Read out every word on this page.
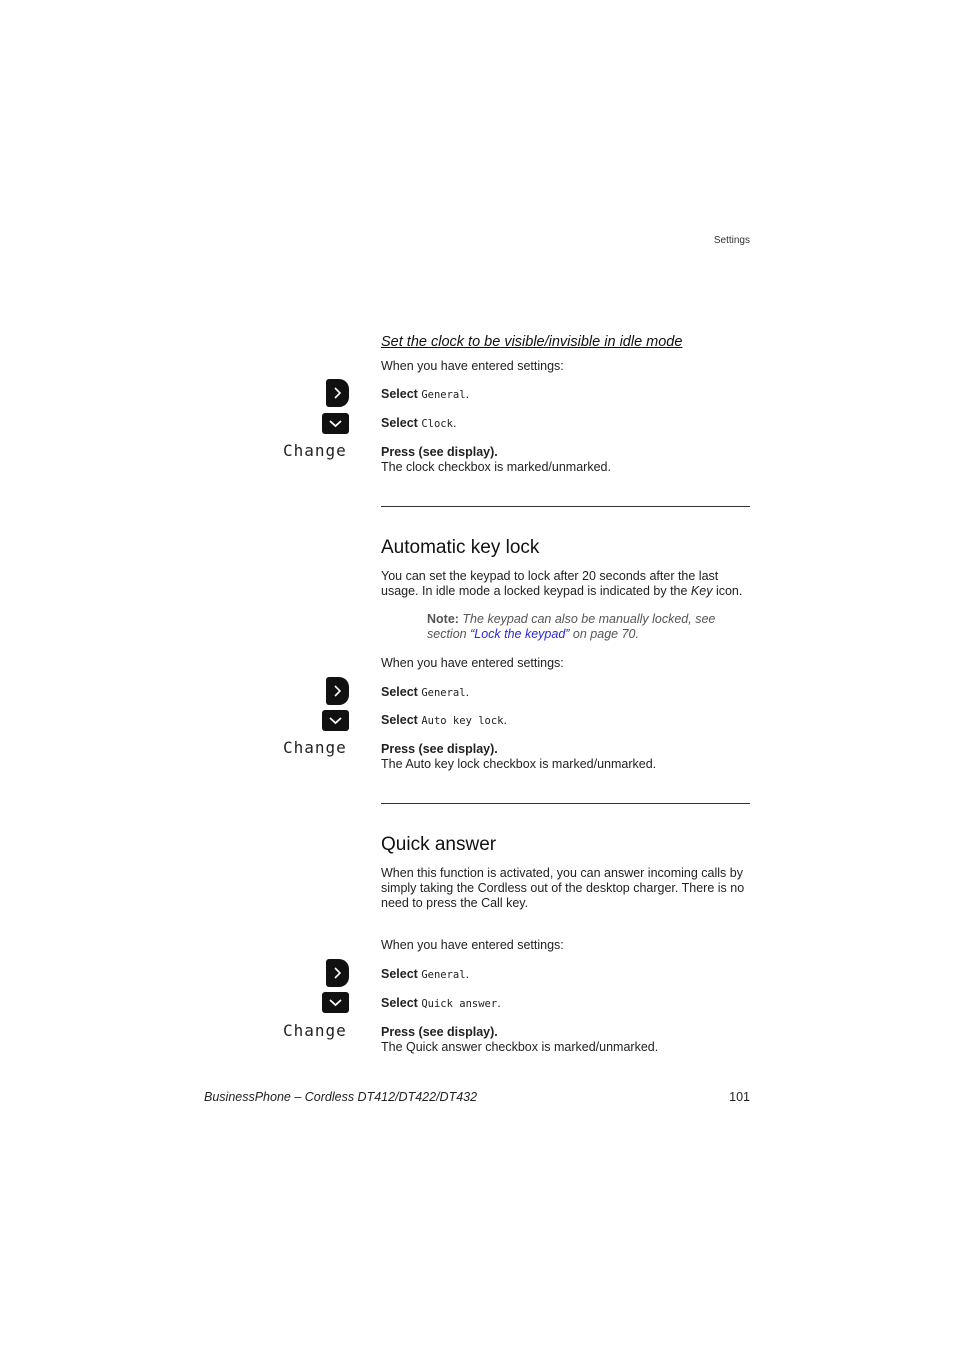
Settings
Set the clock to be visible/invisible in idle mode
When you have entered settings:
Select General.
Select Clock.
Change	Press (see display).
The clock checkbox is marked/unmarked.
Automatic key lock
You can set the keypad to lock after 20 seconds after the last usage. In idle mode a locked keypad is indicated by the Key icon.
Note: The keypad can also be manually locked, see section “Lock the keypad” on page 70.
When you have entered settings:
Select General.
Select Auto key lock.
Change	Press (see display).
The Auto key lock checkbox is marked/unmarked.
Quick answer
When this function is activated, you can answer incoming calls by simply taking the Cordless out of the desktop charger. There is no need to press the Call key.
When you have entered settings:
Select General.
Select Quick answer.
Change	Press (see display).
The Quick answer checkbox is marked/unmarked.
BusinessPhone – Cordless DT412/DT422/DT432	101
